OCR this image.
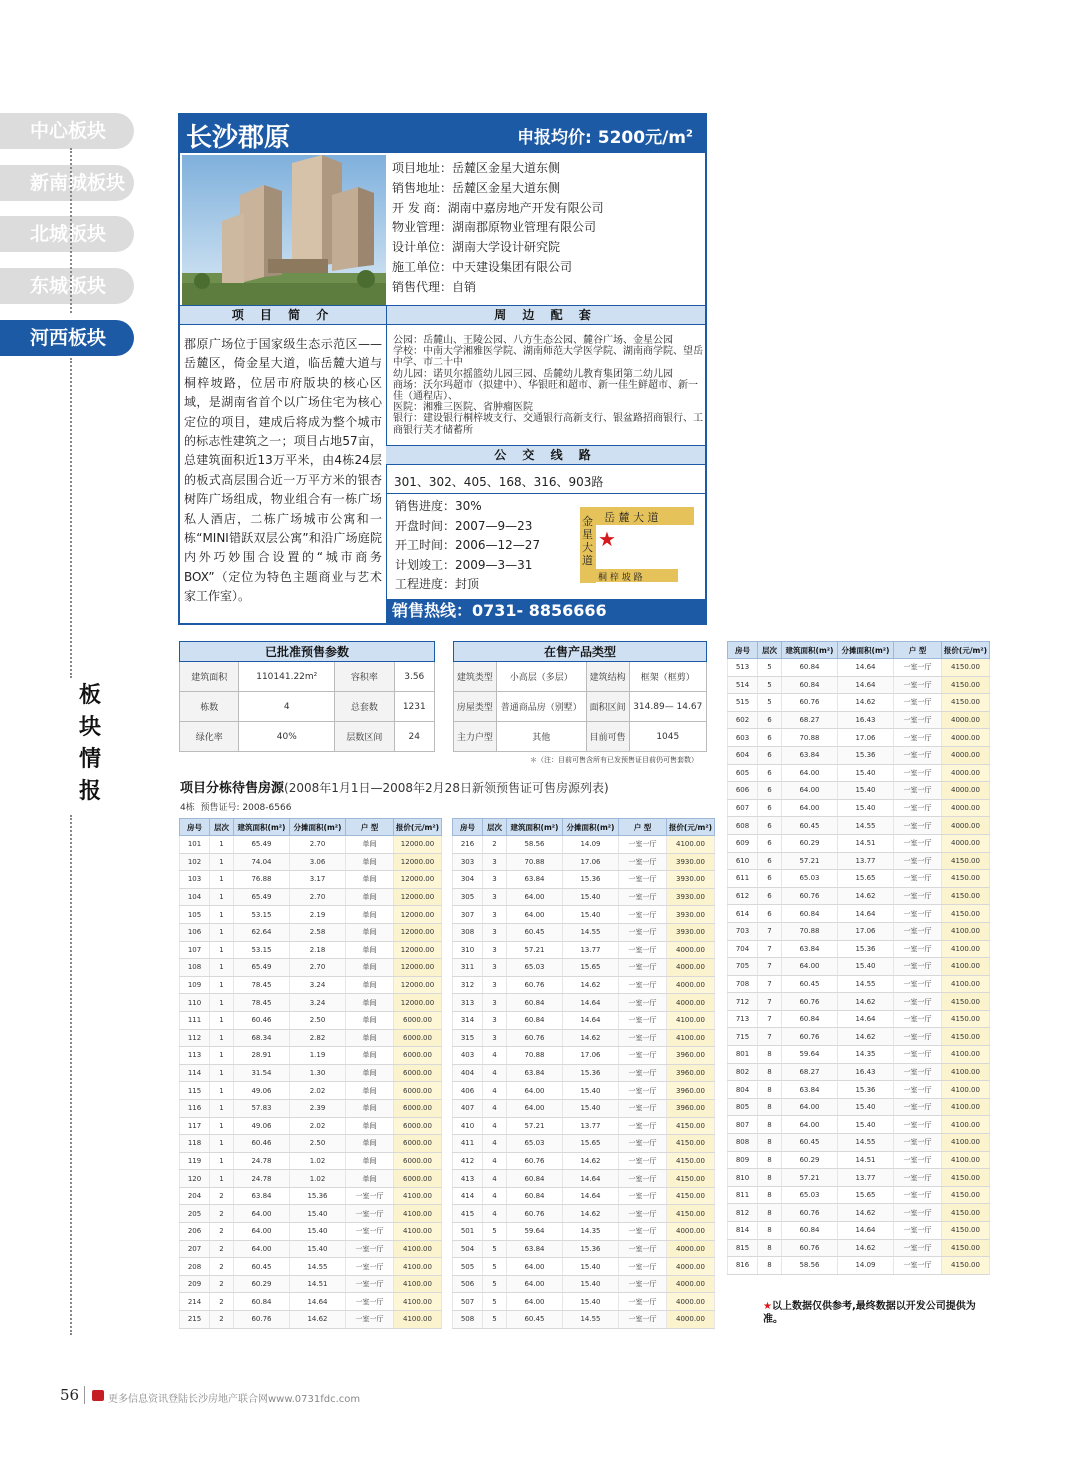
中心板块
新南城板块
北城板块
东城板块
河西板块
板
块
情
报
长沙郡原	申报均价: 5200元$/m^2$
项目地址：岳麓区金星大道东侧
销售地址：岳麓区金星大道东侧
开 发 商：湖南中嘉房地产开发有限公司
物业管理：湖南郡原物业管理有限公司
设计单位：湖南大学设计研究院
施工单位：中天建设集团有限公司
销售代理：自销
项 目 简 介	周 边 配 套
郡原广场位于国家级生态示范区——岳麓区，倚金星大道，临岳麓大道与桐梓坡路，位居市府版块的核心区域，是湖南省首个以广场住宅为核心定位的项目，建成后将成为整个城市的标志性建筑之一；项目占地57亩，总建筑面积近13万平米，由4栋24层的板式高层围合近一万平方米的银杏树阵广场组成，物业组合有一栋广场私人酒店，二栋广场城市公寓和一栋“MINI错跃双层公寓”和沿广场庭院内外巧妙围合设置的“城市商务BOX”（定位为特色主题商业与艺术家工作室）。
公园：岳麓山、王陵公园、八方生态公园、麓谷广场、金星公园
学校：中南大学湘雅医学院、湖南师范大学医学院、湖南商学院、望岳中学、市二十中
幼儿园：诺贝尔摇篮幼儿园三园、岳麓幼儿教育集团第二幼儿园
商场：沃尔玛超市（拟建中）、华银旺和超市、新一佳生鲜超市、新一佳（通程店）、
医院：湘雅三医院、省肿瘤医院
银行：建设银行桐梓坡支行、交通银行高新支行、银盆路招商银行、工商银行芙才储蓄所
公 交 线 路
301、302、405、168、316、903路
销售进度：30%
开盘时间：2007—9—23
开工时间：2006—12—27
计划竣工：2009—3—31
工程进度：封顶
岳 麓 大 道
金
星
大
道
桐 梓 坡 路
★
销售热线：0731- 8856666
已批准预售参数			
建筑面积	110141.22m²	容积率	3.56
栋数	4	总套数	1231
绿化率	40%	层数区间	24
在售产品类型			
建筑类型	小高层（多层）	建筑结构	框架（框剪）
房屋类型	普通商品房（别墅）	面积区间	314.89— 14.67
主力户型	其他	目前可售	1045
＊（注：目前可售含所有已发预售证目前仍可售套数）
项目分栋待售房源(2008年1月1日—2008年2月28日新领预售证可售房源列表)
4栋 预售证号: 2008-6566
房号	层次	建筑面积(m²)	分摊面积(m²)	户 型	报价(元/m²)
101	1	65.49	2.70	单间	12000.00
102	1	74.04	3.06	单间	12000.00
103	1	76.88	3.17	单间	12000.00
104	1	65.49	2.70	单间	12000.00
105	1	53.15	2.19	单间	12000.00
106	1	62.64	2.58	单间	12000.00
107	1	53.15	2.18	单间	12000.00
108	1	65.49	2.70	单间	12000.00
109	1	78.45	3.24	单间	12000.00
110	1	78.45	3.24	单间	12000.00
111	1	60.46	2.50	单间	6000.00
112	1	68.34	2.82	单间	6000.00
113	1	28.91	1.19	单间	6000.00
114	1	31.54	1.30	单间	6000.00
115	1	49.06	2.02	单间	6000.00
116	1	57.83	2.39	单间	6000.00
117	1	49.06	2.02	单间	6000.00
118	1	60.46	2.50	单间	6000.00
119	1	24.78	1.02	单间	6000.00
120	1	24.78	1.02	单间	6000.00
204	2	63.84	15.36	一室一厅	4100.00
205	2	64.00	15.40	一室一厅	4100.00
206	2	64.00	15.40	一室一厅	4100.00
207	2	64.00	15.40	一室一厅	4100.00
208	2	60.45	14.55	一室一厅	4100.00
209	2	60.29	14.51	一室一厅	4100.00
214	2	60.84	14.64	一室一厅	4100.00
215	2	60.76	14.62	一室一厅	4100.00
房号	层次	建筑面积(m²)	分摊面积(m²)	户 型	报价(元/m²)
216	2	58.56	14.09	一室一厅	4100.00
303	3	70.88	17.06	一室一厅	3930.00
304	3	63.84	15.36	一室一厅	3930.00
305	3	64.00	15.40	一室一厅	3930.00
307	3	64.00	15.40	一室一厅	3930.00
308	3	60.45	14.55	一室一厅	3930.00
310	3	57.21	13.77	一室一厅	4000.00
311	3	65.03	15.65	一室一厅	4000.00
312	3	60.76	14.62	一室一厅	4000.00
313	3	60.84	14.64	一室一厅	4000.00
314	3	60.84	14.64	一室一厅	4100.00
315	3	60.76	14.62	一室一厅	4100.00
403	4	70.88	17.06	一室一厅	3960.00
404	4	63.84	15.36	一室一厅	3960.00
406	4	64.00	15.40	一室一厅	3960.00
407	4	64.00	15.40	一室一厅	3960.00
410	4	57.21	13.77	一室一厅	4150.00
411	4	65.03	15.65	一室一厅	4150.00
412	4	60.76	14.62	一室一厅	4150.00
413	4	60.84	14.64	一室一厅	4150.00
414	4	60.84	14.64	一室一厅	4150.00
415	4	60.76	14.62	一室一厅	4150.00
501	5	59.64	14.35	一室一厅	4000.00
504	5	63.84	15.36	一室一厅	4000.00
505	5	64.00	15.40	一室一厅	4000.00
506	5	64.00	15.40	一室一厅	4000.00
507	5	64.00	15.40	一室一厅	4000.00
508	5	60.45	14.55	一室一厅	4000.00
房号	层次	建筑面积(m²)	分摊面积(m²)	户 型	报价(元/m²)
513	5	60.84	14.64	一室一厅	4150.00
514	5	60.84	14.64	一室一厅	4150.00
515	5	60.76	14.62	一室一厅	4150.00
602	6	68.27	16.43	一室一厅	4000.00
603	6	70.88	17.06	一室一厅	4000.00
604	6	63.84	15.36	一室一厅	4000.00
605	6	64.00	15.40	一室一厅	4000.00
606	6	64.00	15.40	一室一厅	4000.00
607	6	64.00	15.40	一室一厅	4000.00
608	6	60.45	14.55	一室一厅	4000.00
609	6	60.29	14.51	一室一厅	4000.00
610	6	57.21	13.77	一室一厅	4150.00
611	6	65.03	15.65	一室一厅	4150.00
612	6	60.76	14.62	一室一厅	4150.00
614	6	60.84	14.64	一室一厅	4150.00
703	7	70.88	17.06	一室一厅	4100.00
704	7	63.84	15.36	一室一厅	4100.00
705	7	64.00	15.40	一室一厅	4100.00
708	7	60.45	14.55	一室一厅	4100.00
712	7	60.76	14.62	一室一厅	4150.00
713	7	60.84	14.64	一室一厅	4150.00
715	7	60.76	14.62	一室一厅	4150.00
801	8	59.64	14.35	一室一厅	4100.00
802	8	68.27	16.43	一室一厅	4100.00
804	8	63.84	15.36	一室一厅	4100.00
805	8	64.00	15.40	一室一厅	4100.00
807	8	64.00	15.40	一室一厅	4100.00
808	8	60.45	14.55	一室一厅	4100.00
809	8	60.29	14.51	一室一厅	4100.00
810	8	57.21	13.77	一室一厅	4150.00
811	8	65.03	15.65	一室一厅	4150.00
812	8	60.76	14.62	一室一厅	4150.00
814	8	60.84	14.64	一室一厅	4150.00
815	8	60.76	14.62	一室一厅	4150.00
816	8	58.56	14.09	一室一厅	4150.00
★以上数据仅供参考,最终数据以开发公司提供为准。
56	更多信息资讯登陆长沙房地产联合网www.0731fdc.com
